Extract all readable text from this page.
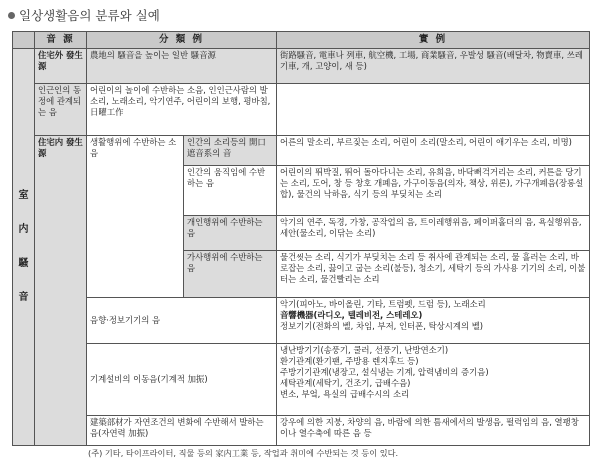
일상생활음의 분류와 실예
	音 源	分 類 例		實 例

室
内
騷
音	住宅外 發生源	農地의 騷音을 높이는 일반 騷音源		街路騷音, 電車나 列車, 航空機, 工場, 商業騷音, 우발성 騷音(배달차, 物賣車, 쓰레기車, 개, 고양이, 새 등)
	인근인의 동정에 관계되는 음	어린이의 놀이에 수반하는 소음, 인인근사람의 발소리, 노래소리, 악기연주, 어린이의 보행, 평바침, 日曜工作		
	住宅内 發生源	생활행위에 수반하는 소음	인간의 소리등의 開口遮音系의 音	어른의 말소리, 부르짖는 소리, 어린이 소리(말소리, 어린이 애기우는 소리, 비명)
			인간의 움직임에 수반하는 음	어린이의 뛰박질, 뛰어 돌아다니는 소리, 유희음, 바닥뻐걱거리는 소리, 커튼을 당기는 소리, 도어, 창 등 창호 개폐음, 가구이동음(의자, 책상, 위론), 가구개폐음(장롱설합), 물건의 낙하음, 식기 등의 부딪치는 소리
			개인행위에 수반하는 음	악기의 연주, 독경, 가창, 공작업의 음, 트이레행위음, 페이퍼홀더의 음, 욕실행위음, 세안(물소리, 이닦는 소리)
			가사행위에 수반하는 음	물건씻는 소리, 식기가 부딪치는 소리 등 취사에 관계되는 소리, 물 흘러는 소리, 바로잡는 소리, 끓이고 굽는 소리(불등), 청소기, 세탁기 등의 가사용 기기의 소리, 이불터는 소리, 물건빨리는 소리
		음향·정보기기의 음		악기(피아노, 바이올린, 기타, 트럼펫, 드럼 등), 노래소리
音響機器(라디오, 텔레비전, 스테레오)
정보기기(전화의 벨, 차임, 부저, 인터폰, 탁상시계의 벨)

		기계설비의 이동음(기계적 加振)		냉난방기기(송풍기, 쿨러, 선풍기, 난방연소기)
환기관계(환기팬, 주방용 렌지후드 등)
주방기기관계(냉장고, 설식냉는 기계, 압력냄비의 증기음)
세탁관계(세탁기, 건조기, 급배수음)
변소, 부엌, 욕실의 급배수시의 소리

		建築部材가 자연조건의 변화에 수반해서 발하는 음(자연력 加振)		강우에 의한 지붕, 차양의 음, 바람에 의한 틈새에서의 발생음, 펄럭임의 음, 열팽창이나 열수축에 따른 음 등
(주) 기타, 타이프라이터, 직물 등의 家内工業 등, 작업과 취미에 수반되는 것 등이 있다.
